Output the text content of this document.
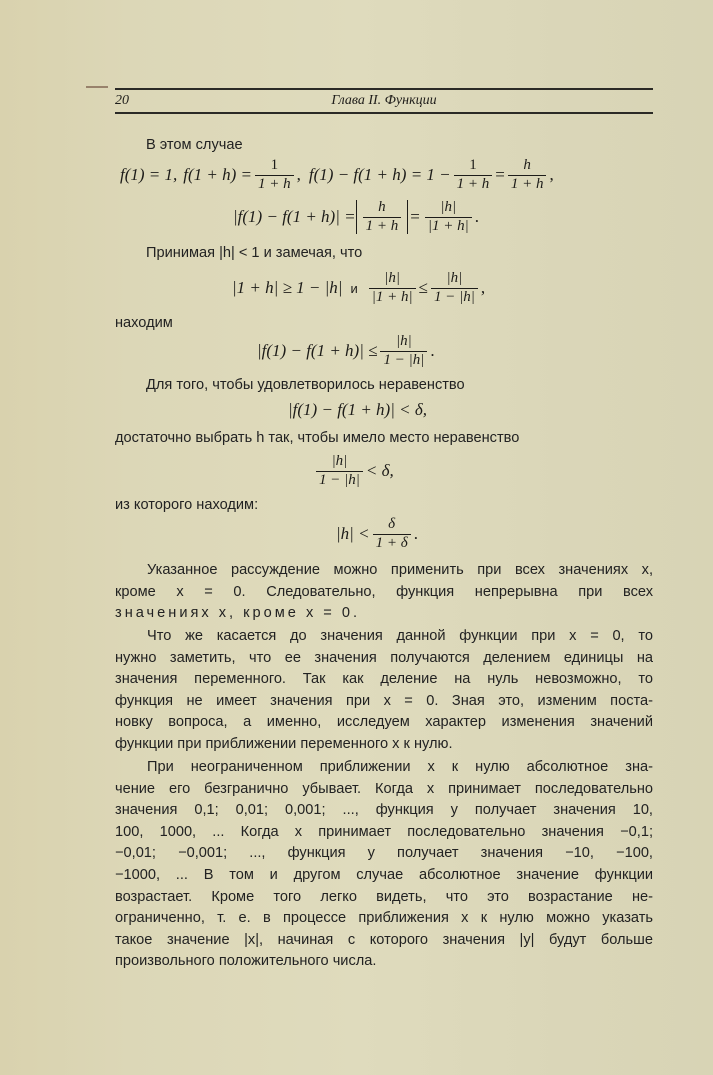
20	Глава II. Функции
В этом случае
f(1) = 1, $f(1 + h) = \frac{1}{1 + h}$ , $f(1) - f(1 + h) = 1 - \frac{1}{1 + h} = \frac{h}{1 + h}$ ,
$|f(1) - f(1 + h)| = \frac{h}{1 + h} = \frac{|h|}{|1 + h|}$ .
Принимая |h| < 1 и замечая, что
|1 + h| ≥ 1 − |h| и $\frac{|h|}{|1 + h|} \le \frac{|h|}{1 - |h|}$ ,
находим
$|f(1) - f(1 + h)| \le \frac{|h|}{1 - |h|}$ .
Для того, чтобы удовлетворилось неравенство
|f(1) − f(1 + h)| < δ,
достаточно выбрать h так, чтобы имело место неравенство
$\frac{|h|}{1 - |h|} < \delta$,
из которого находим:
$|h| < \frac{\delta}{1 + \delta}$ .
Указанное рассуждение можно применить при всех значениях x,
кроме x = 0. Следовательно, функция непрерывна при всех
значениях x, кроме x = 0.
Что же касается до значения данной функции при x = 0, то
нужно заметить, что ее значения получаются делением единицы на
значения переменного. Так как деление на нуль невозможно, то
функция не имеет значения при x = 0. Зная это, изменим поста-
новку вопроса, а именно, исследуем характер изменения значений
функции при приближении переменного x к нулю.
При неограниченном приближении x к нулю абсолютное зна-
чение его безгранично убывает. Когда x принимает последовательно
значения 0,1; 0,01; 0,001; ..., функция y получает значения 10,
100, 1000, ... Когда x принимает последовательно значения −0,1;
−0,01; −0,001; ..., функция y получает значения −10, −100,
−1000, ... В том и другом случае абсолютное значение функции
возрастает. Кроме того легко видеть, что это возрастание не-
ограниченно, т. е. в процессе приближения x к нулю можно указать
такое значение |x|, начиная с которого значения |y| будут больше
произвольного положительного числа.
